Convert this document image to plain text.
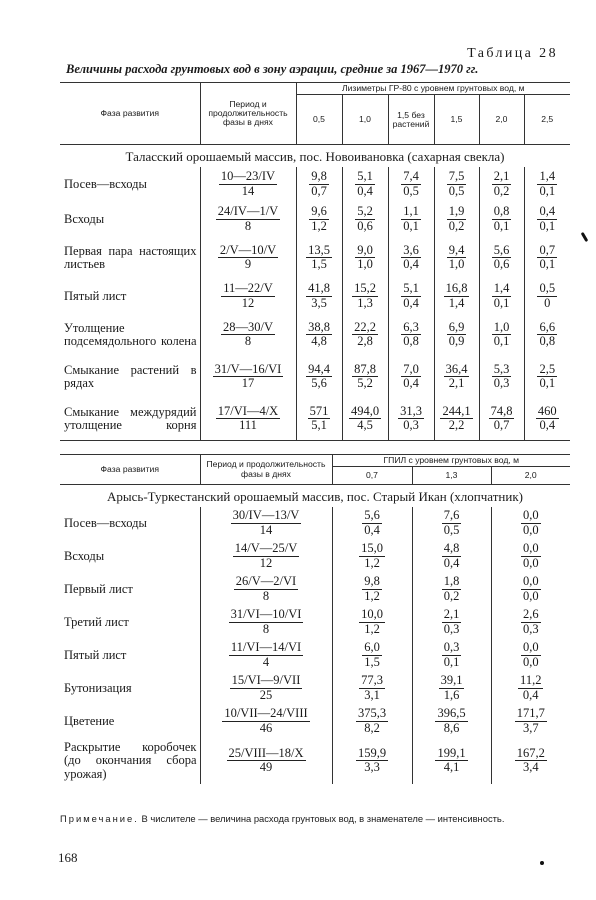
Таблица 28
Величины расхода грунтовых вод в зону аэрации, средние за 1967—1970 гг.
Фаза развития	Период и продолжительность фазы в днях	Лизиметры ГР-80 с уровнем грунтовых вод, м					
		0,5	1,0	1,5 без растений	1,5	2,0	2,5
Таласский орошаемый массив, пос. Новоивановка (сахарная свекла)							
Посев—всходы	$\frac{10—23/IV}{14}$	$\frac{9,8}{0,7}$	$\frac{5,1}{0,4}$	$\frac{7,4}{0,5}$	$\frac{7,5}{0,5}$	$\frac{2,1}{0,2}$	$\frac{1,4}{0,1}$

Всходы	$\frac{24/IV—1/V}{8}$	$\frac{9,6}{1,2}$	$\frac{5,2}{0,6}$	$\frac{1,1}{0,1}$	$\frac{1,9}{0,2}$	$\frac{0,8}{0,1}$	$\frac{0,4}{0,1}$

Первая пара настоящих листьев	$\frac{2/V—10/V}{9}$	$\frac{13,5}{1,5}$	$\frac{9,0}{1,0}$	$\frac{3,6}{0,4}$	$\frac{9,4}{1,0}$	$\frac{5,6}{0,6}$	$\frac{0,7}{0,1}$

Пятый лист	$\frac{11—22/V}{12}$	$\frac{41,8}{3,5}$	$\frac{15,2}{1,3}$	$\frac{5,1}{0,4}$	$\frac{16,8}{1,4}$	$\frac{1,4}{0,1}$	$\frac{0,5}{0}$

Утолщение подсемядольного колена	$\frac{28—30/V}{8}$	$\frac{38,8}{4,8}$	$\frac{22,2}{2,8}$	$\frac{6,3}{0,8}$	$\frac{6,9}{0,9}$	$\frac{1,0}{0,1}$	$\frac{6,6}{0,8}$

Смыкание растений в рядах	$\frac{31/V—16/VI}{17}$	$\frac{94,4}{5,6}$	$\frac{87,8}{5,2}$	$\frac{7,0}{0,4}$	$\frac{36,4}{2,1}$	$\frac{5,3}{0,3}$	$\frac{2,5}{0,1}$

Смыкание междурядий утолщение корня	$\frac{17/VI—4/X}{111}$	$\frac{571}{5,1}$	$\frac{494,0}{4,5}$	$\frac{31,3}{0,3}$	$\frac{244,1}{2,2}$	$\frac{74,8}{0,7}$	$\frac{460}{0,4}$
Фаза развития	Период и продолжительность фазы в днях	ГПИЛ с уровнем грунтовых вод, м		
		0,7	1,3	2,0
Арысь-Туркестанский орошаемый массив, пос. Старый Икан (хлопчатник)				
Посев—всходы	$\frac{30/IV—13/V}{14}$	$\frac{5,6}{0,4}$	$\frac{7,6}{0,5}$	$\frac{0,0}{0,0}$

Всходы	$\frac{14/V—25/V}{12}$	$\frac{15,0}{1,2}$	$\frac{4,8}{0,4}$	$\frac{0,0}{0,0}$

Первый лист	$\frac{26/V—2/VI}{8}$	$\frac{9,8}{1,2}$	$\frac{1,8}{0,2}$	$\frac{0,0}{0,0}$

Третий лист	$\frac{31/VI—10/VI}{8}$	$\frac{10,0}{1,2}$	$\frac{2,1}{0,3}$	$\frac{2,6}{0,3}$

Пятый лист	$\frac{11/VI—14/VI}{4}$	$\frac{6,0}{1,5}$	$\frac{0,3}{0,1}$	$\frac{0,0}{0,0}$

Бутонизация	$\frac{\text{15/VI—9/VII}}{25}$	$\frac{77,3}{3,1}$	$\frac{39,1}{1,6}$	$\frac{11,2}{0,4}$

Цветение	$\frac{\text{10/VII—24/VIII}}{46}$	$\frac{375,3}{8,2}$	$\frac{396,5}{8,6}$	$\frac{171,7}{3,7}$

Раскрытие коробочек (до окончания сбора урожая)	$\frac{\text{25/VIII—18/X}}{49}$	$\frac{159,9}{3,3}$	$\frac{199,1}{4,1}$	$\frac{167,2}{3,4}$
Примечание. В числителе — величина расхода грунтовых вод, в знаменателе — интенсивность.
168
